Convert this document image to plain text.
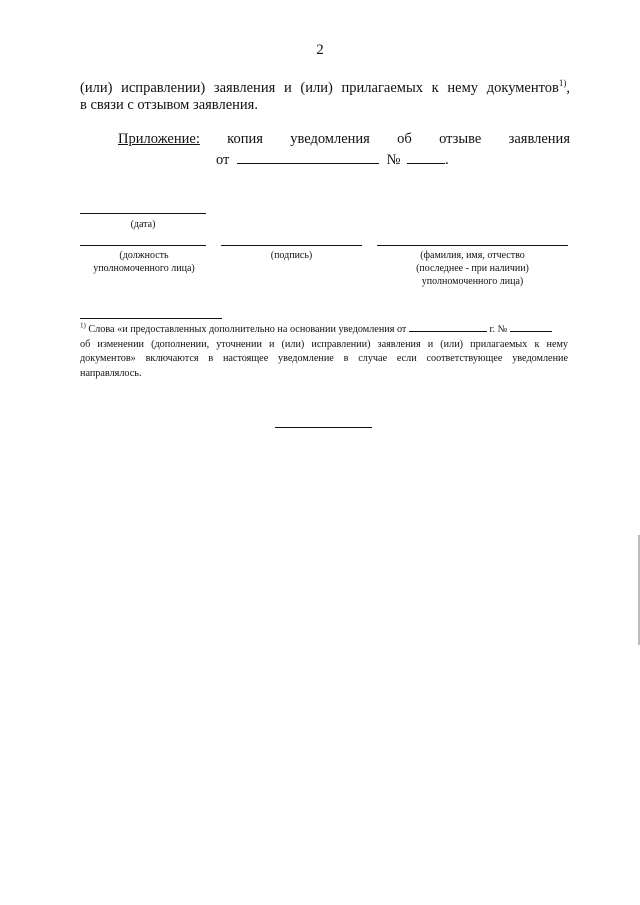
2
(или) исправлении) заявления и (или) прилагаемых к нему документов$^{1)}$,
в связи с отзывом заявления.
Приложение: копия уведомления об отзыве заявления
от	№	.
(дата)
(должность
уполномоченного лица)
(подпись)	(фамилия, имя, отчество
(последнее - при наличии)
уполномоченного лица)
$^{1)}$ Слова «и предоставленных дополнительно на основании уведомления от	г. №
об изменении (дополнении, уточнении и (или) исправлении) заявления и (или) прилагаемых к нему
документов» включаются в настоящее уведомление в случае если соответствующее уведомление
направлялось.
